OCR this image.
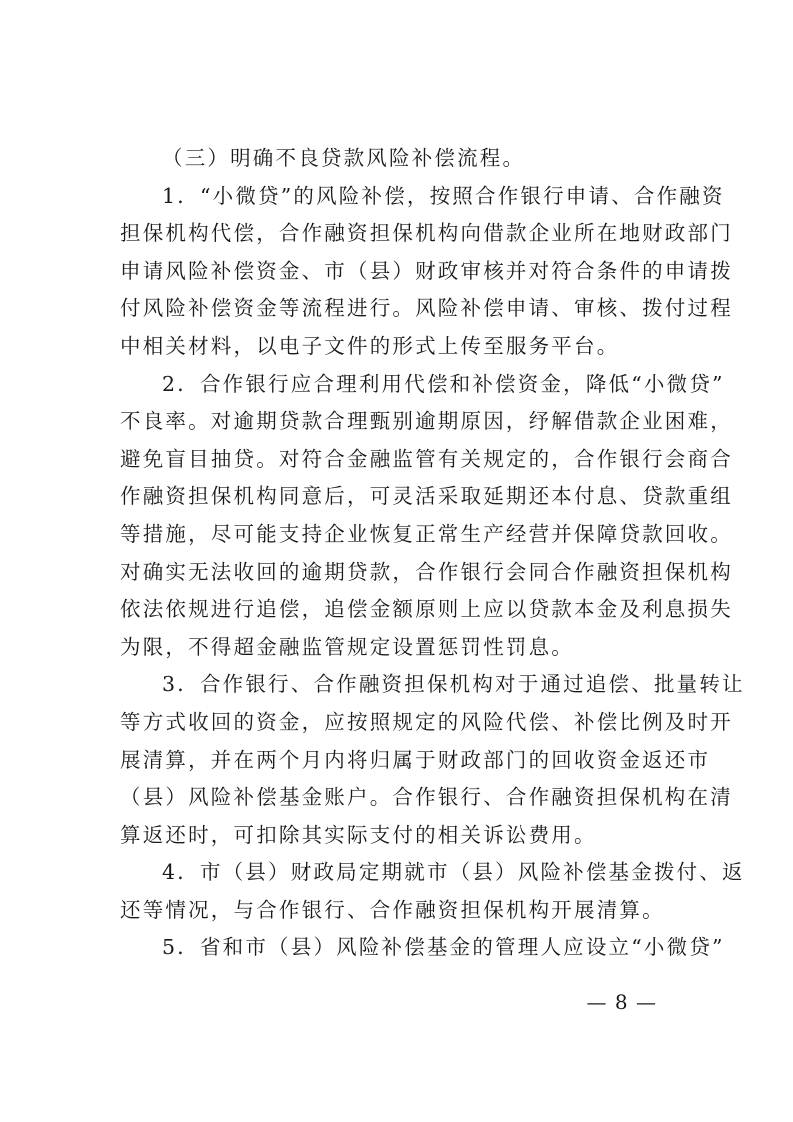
（三）明确不良贷款风险补偿流程。
1．“小微贷”的风险补偿，按照合作银行申请、合作融资
担保机构代偿，合作融资担保机构向借款企业所在地财政部门
申请风险补偿资金、市（县）财政审核并对符合条件的申请拨
付风险补偿资金等流程进行。风险补偿申请、审核、拨付过程
中相关材料，以电子文件的形式上传至服务平台。
2．合作银行应合理利用代偿和补偿资金，降低“小微贷”
不良率。对逾期贷款合理甄别逾期原因，纾解借款企业困难，
避免盲目抽贷。对符合金融监管有关规定的，合作银行会商合
作融资担保机构同意后，可灵活采取延期还本付息、贷款重组
等措施，尽可能支持企业恢复正常生产经营并保障贷款回收。
对确实无法收回的逾期贷款，合作银行会同合作融资担保机构
依法依规进行追偿，追偿金额原则上应以贷款本金及利息损失
为限，不得超金融监管规定设置惩罚性罚息。
3．合作银行、合作融资担保机构对于通过追偿、批量转让
等方式收回的资金，应按照规定的风险代偿、补偿比例及时开
展清算，并在两个月内将归属于财政部门的回收资金返还市
（县）风险补偿基金账户。合作银行、合作融资担保机构在清
算返还时，可扣除其实际支付的相关诉讼费用。
4．市（县）财政局定期就市（县）风险补偿基金拨付、返
还等情况，与合作银行、合作融资担保机构开展清算。
5．省和市（县）风险补偿基金的管理人应设立“小微贷”
— 8 —
